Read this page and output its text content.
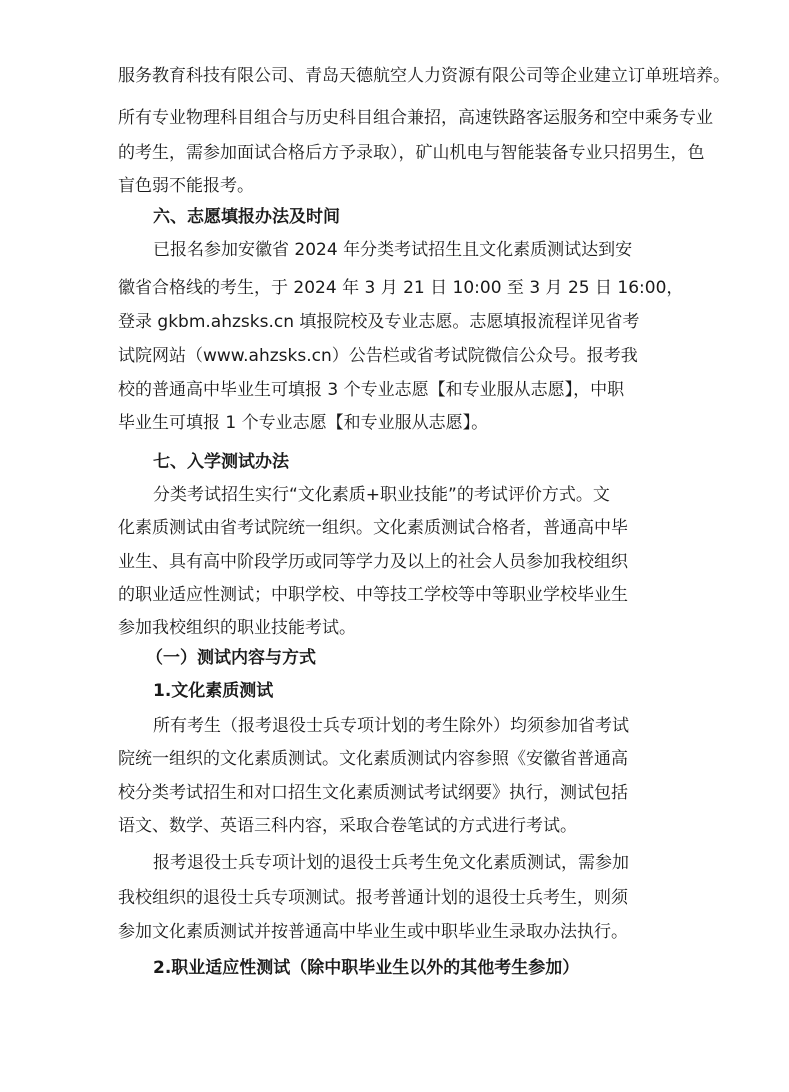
服务教育科技有限公司、青岛天德航空人力资源有限公司等企业建立订单班培养。

所有专业物理科目组合与历史科目组合兼招，高速铁路客运服务和空中乘务专业

的考生，需参加面试合格后方予录取），矿山机电与智能装备专业只招男生，色

盲色弱不能报考。

六、志愿填报办法及时间

已报名参加安徽省 2024 年分类考试招生且文化素质测试达到安

徽省合格线的考生，于 2024 年 3 月 21 日 10:00 至 3 月 25 日 16:00，

登录 gkbm.ahzsks.cn 填报院校及专业志愿。志愿填报流程详见省考

试院网站（www.ahzsks.cn）公告栏或省考试院微信公众号。报考我

校的普通高中毕业生可填报 3 个专业志愿【和专业服从志愿】，中职

毕业生可填报 1 个专业志愿【和专业服从志愿】。

七、入学测试办法

分类考试招生实行“文化素质+职业技能”的考试评价方式。文

化素质测试由省考试院统一组织。文化素质测试合格者，普通高中毕

业生、具有高中阶段学历或同等学力及以上的社会人员参加我校组织

的职业适应性测试；中职学校、中等技工学校等中等职业学校毕业生

参加我校组织的职业技能考试。

（一）测试内容与方式

1.文化素质测试

所有考生（报考退役士兵专项计划的考生除外）均须参加省考试

院统一组织的文化素质测试。文化素质测试内容参照《安徽省普通高

校分类考试招生和对口招生文化素质测试考试纲要》执行，测试包括

语文、数学、英语三科内容，采取合卷笔试的方式进行考试。

报考退役士兵专项计划的退役士兵考生免文化素质测试，需参加

我校组织的退役士兵专项测试。报考普通计划的退役士兵考生，则须

参加文化素质测试并按普通高中毕业生或中职毕业生录取办法执行。

2.职业适应性测试（除中职毕业生以外的其他考生参加）
